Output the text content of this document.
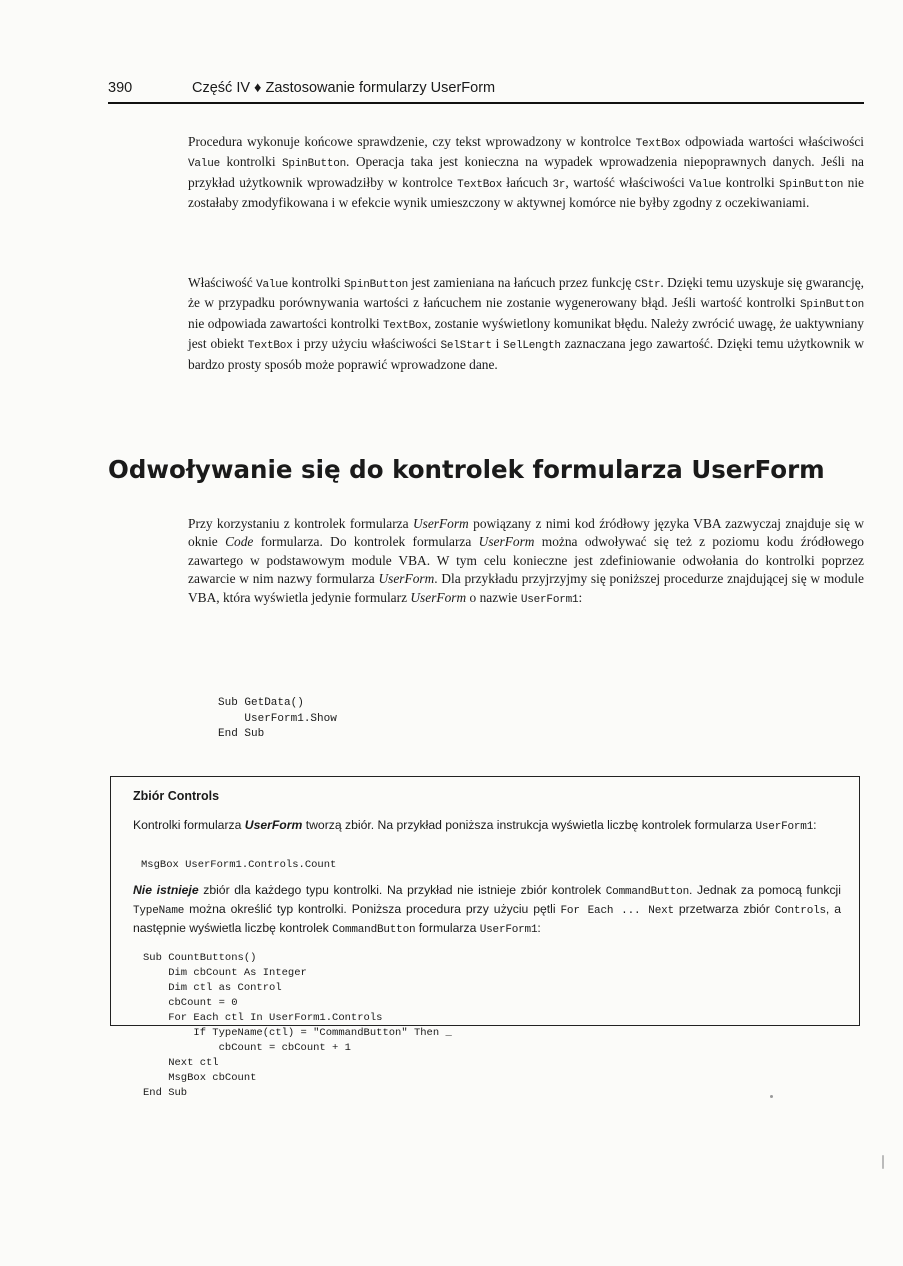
390	Część IV ♦ Zastosowanie formularzy UserForm

Procedura wykonuje końcowe sprawdzenie, czy tekst wprowadzony w kontrolce TextBox odpowiada wartości właściwości Value kontrolki SpinButton. Operacja taka jest konieczna na wypadek wprowadzenia niepoprawnych danych. Jeśli na przykład użytkownik wprowadziłby w kontrolce TextBox łańcuch 3r, wartość właściwości Value kontrolki SpinButton nie zostałaby zmodyfikowana i w efekcie wynik umieszczony w aktywnej komórce nie byłby zgodny z oczekiwaniami.

Właściwość Value kontrolki SpinButton jest zamieniana na łańcuch przez funkcję CStr. Dzięki temu uzyskuje się gwarancję, że w przypadku porównywania wartości z łańcuchem nie zostanie wygenerowany błąd. Jeśli wartość kontrolki SpinButton nie odpowiada zawartości kontrolki TextBox, zostanie wyświetlony komunikat błędu. Należy zwrócić uwagę, że uaktywniany jest obiekt TextBox i przy użyciu właściwości SelStart i SelLength zaznaczana jego zawartość. Dzięki temu użytkownik w bardzo prosty sposób może poprawić wprowadzone dane.

Odwoływanie się do kontrolek formularza UserForm

Przy korzystaniu z kontrolek formularza UserForm powiązany z nimi kod źródłowy języka VBA zazwyczaj znajduje się w oknie Code formularza. Do kontrolek formularza UserForm można odwoływać się też z poziomu kodu źródłowego zawartego w podstawowym module VBA. W tym celu konieczne jest zdefiniowanie odwołania do kontrolki poprzez zawarcie w nim nazwy formularza UserForm. Dla przykładu przyjrzyjmy się poniższej procedurze znajdującej się w module VBA, która wyświetla jedynie formularz UserForm o nazwie UserForm1:

Sub GetData()
UserForm1.Show
End Sub

Zbiór Controls

Kontrolki formularza UserForm tworzą zbiór. Na przykład poniższa instrukcja wyświetla liczbę kontrolek formularza UserForm1:

MsgBox UserForm1.Controls.Count

Nie istnieje zbiór dla każdego typu kontrolki. Na przykład nie istnieje zbiór kontrolek CommandButton. Jednak za pomocą funkcji TypeName można określić typ kontrolki. Poniższa procedura przy użyciu pętli For Each ... Next przetwarza zbiór Controls, a następnie wyświetla liczbę kontrolek CommandButton formularza UserForm1:

Sub CountButtons()
Dim cbCount As Integer
Dim ctl as Control
cbCount = 0
For Each ctl In UserForm1.Controls
If TypeName(ctl) = "CommandButton" Then _
cbCount = cbCount + 1
Next ctl
MsgBox cbCount
End Sub
